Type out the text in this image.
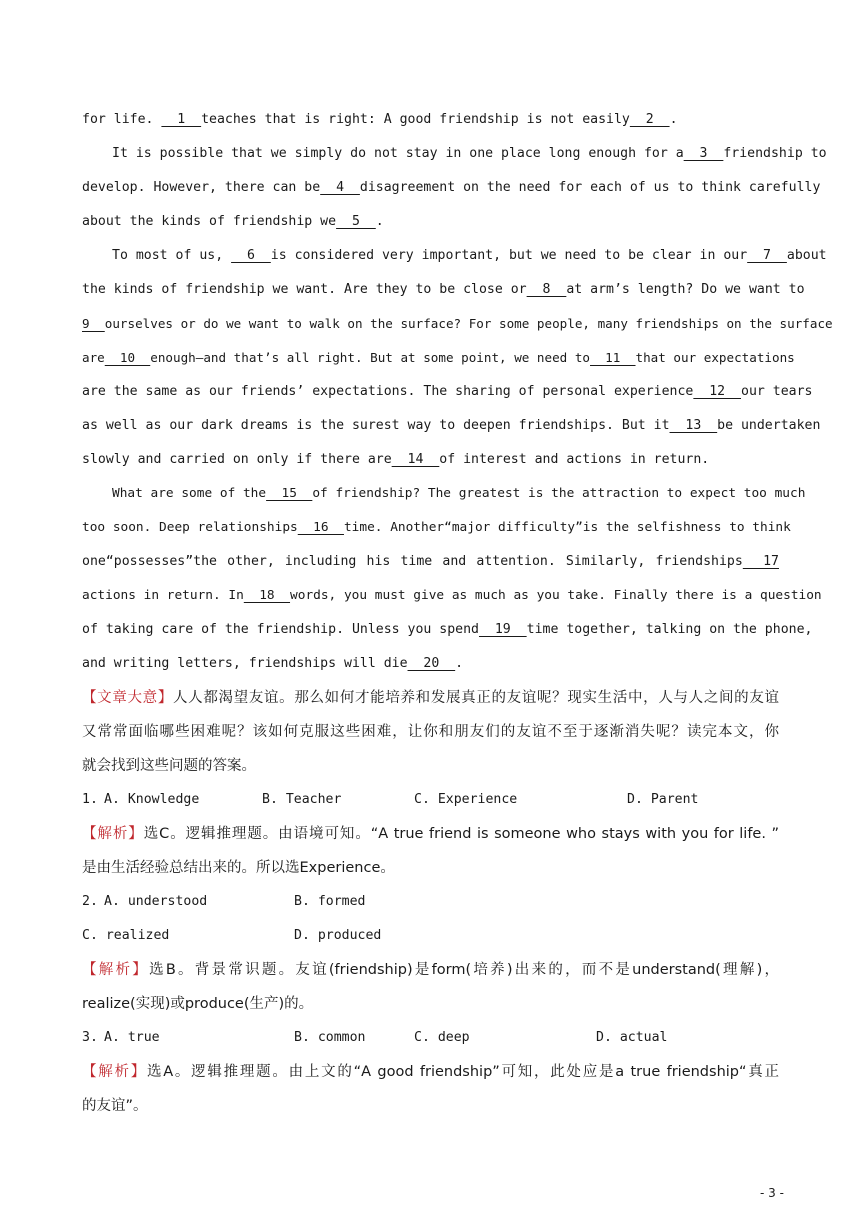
for life.   1  teaches that is right: A good friendship is not easily  2  .
It is possible that we simply do not stay in one place long enough for a  3  friendship to
develop. However, there can be  4  disagreement on the need for each of us to think carefully
about the kinds of friendship we  5  .
To most of us,   6  is considered very important, but we need to be clear in our  7  about
the kinds of friendship we want. Are they to be close or  8  at arm’s length? Do we want to
9  ourselves or do we want to walk on the surface? For some people, many friendships on the surface
are  10  enough—and that’s all right. But at some point, we need to  11  that our expectations
are the same as our friends’ expectations. The sharing of personal experience  12  our tears
as well as our dark dreams is the surest way to deepen friendships. But it  13  be undertaken
slowly and carried on only if there are  14  of interest and actions in return.
What are some of the  15  of friendship? The greatest is the attraction to expect too much
too soon. Deep relationships  16  time. Another“major difficulty”is the selfishness to think
one“possesses”the other, including his time and attention. Similarly, friendships  17
actions in return. In  18  words, you must give as much as you take. Finally there is a question
of taking care of the friendship. Unless you spend  19  time together, talking on the phone,
and writing letters, friendships will die  20  .
【文章大意】人人都渴望友谊。那么如何才能培养和发展真正的友谊呢？现实生活中，人与人之间的友谊
又常常面临哪些困难呢？该如何克服这些困难，让你和朋友们的友谊不至于逐渐消失呢？读完本文，你
就会找到这些问题的答案。
1. A. Knowledge	B. Teacher	C. Experience	D. Parent
【解析】选C。逻辑推理题。由语境可知。“A true friend is someone who stays with you for life. ”
是由生活经验总结出来的。所以选Experience。
2. A. understood	B. formed
C. realized	D. produced
【解析】选B。背景常识题。友谊(friendship)是form(培养)出来的，而不是understand(理解)，
realize(实现)或produce(生产)的。
3. A. true	B. common	C. deep	D. actual
【解析】选A。逻辑推理题。由上文的“A good friendship”可知，此处应是a true friendship“真正
的友谊”。
- 3 -
